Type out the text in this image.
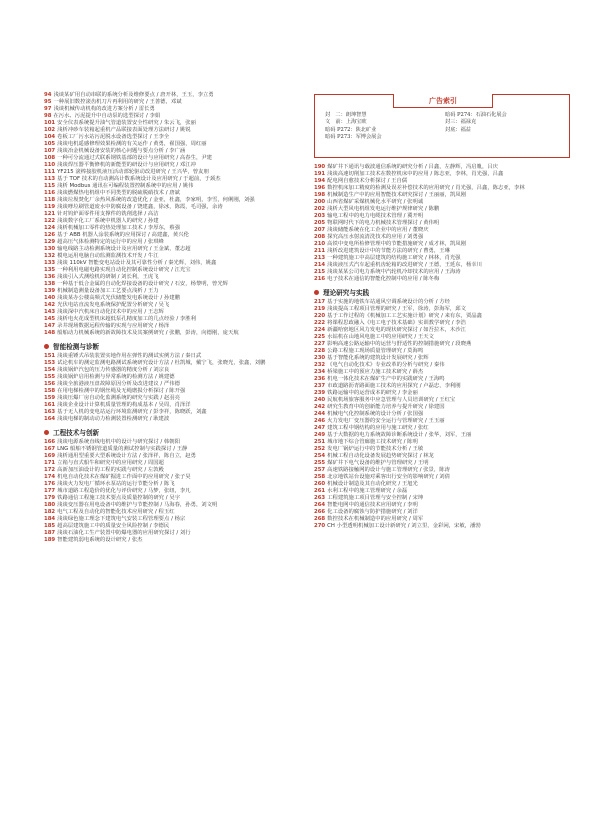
94 浅谈某矿用自动串联的系统分析及维修要点 / 唐开林，王玉，李立勇
95 一种展旧数控滚齿机刀片再利用的研究 / 王善德，邓斌
97 浅谈机械传动机构的改进方案分析 / 雷长勇
98 在污水、污泥提升中自动泵的选型探讨 / 李娟
101 安全仪表系统提升油气管道装置安全性研究 / 朱云飞，张丽
102 浅析冲砂车装箱起重机产品联接表面处理方法研讨 / 姚锐
104 卷板工厂污水站污泥脱水设备选型探讨 / 王李全
105 浅谈电机遥感修理效果检测的有关运作 / 黄勇，翟国强，周红丽
107 浅谈冶金机械设备安装的核心问题与要点分析 / 李广涵
108 一种可分流通过式联系钢铁基部的设计与应用研究 / 高春生，尹建
110 浅谈焊压器平衡修机的新能型的研设计与应用研究 / 邓江冲
111 YF215 滚棒接胶机液压活动部轮驱动改进研究 / 王兴华，曾友朋
113 基于 TOF 技术的自动测高计数系统设计及应用研究 / 于超前，于颈杰
115 浅析 Modbus 通讯在可编程装置控制系统中的应用 / 姚伟
116 浅谈燃煤热电机组中不同类型的脱硫脱硝技术 / 唐斌
118 浅谈垃圾焚化厂余热风系统的改造优化 / 金亚，杜鑫，李家明，李雪，何俐刚，刘强
119 浅谈哮垃刷管道废水中防腐设备 / 饶建鑫，徐冰，陈霞，毛司强，余涛
121 针对钨炉面零件用支撑件的铣削选择 / 高洁
122 浅谈数字化工厂系统中机器人的研究 / 孙建
124 浅析机械加工零件的热处理加工技术 / 李厚东，蔡强
126 基于 ABB 机器人涂装系统的应用探讨 / 高建鑫，黄兴伦
129 超高压气体检测特定的运行中的应用 / 张琪峰
130 输电线路主动检测系统设计及应用研究 / 王金斌，董志超
132 模电运用电脑自动监测监测技术开发 / 牛江
133 浅谈 110kV 智能变电站设计及其可靠性分析 / 秦光辉，刘伟，姚鑫
135 一种利用电磁电路实现自动化控制系统设计研究 / 江光宝
136 浅谈引入式测绘机的研制 / 刘长利，王虎飞
138 一种基于低合金属的自动化焊接设备的设计研究 / 石安，杨黎明，曾光辉
139 机械制造测量设备加工工艺要点浅析 / 王力
140 浅谈某办公楼高频式光伏储能发电系统设计 / 孙建鹏
142 光伏电站直流发电系统保护配置分析研究 / 吴飞
143 浅谈深中汽机床自动化技术中的应用 / 王志辉
145 浅析电火花成型机床超低泵孔精度加工的几点经验 / 李胜利
147 录井现场数据远程传输的实现与应用研究 / 杨泽
148 船舶动力机械系统的新故障技术及其案例研究 / 张鹏，彭涛，向德刚，庞天航
智能检测与诊断
151 浅谈重锤式吊装装置实地作用在弹性的测试实例方法 / 秦日武
153 试论机车的测定监测电路测试系统研究设计方法 / 杜凯城，戴宁飞，张晓光，张鑫，刘鹏
154 浅谈锅炉汽包的压力传感器的精度分析 / 刘宗良
155 浅谈锅炉启用检测与异常系统的检测方法 / 姚建德
156 浅谈全旅港液压盘故障原因分析及改进建议 / 严伟德
158 在用电梯检测中的钢丝绳及无绳磨损分析探讨 / 陈开强
159 浅谈压爆厂房自动化监测系统的研究与实践 / 赵羽亮
161 浅谈企业设计计算机质量管理的构成基本 / 吴周，肖泽洋
163 基于无人机的变电站运行环境监测研究 / 彭李祥，陈晓跃，刘鑫
164 浅谈电梯的制动动力检测装置检测研究 / 耿建波
工程技术与创新
166 浅谈电源系统直线电机中的设计与研究探讨 / 韩朝阳
167 LNG 船舶不锈钢管道质量的测试控制与实践探讨 / 王静
169 浅析通用型重要大型系统设计方法 / 张泽祥，陈自立，赵勇
171 立箱与直式船牛和研究中的应用研究 / 周国超
172 高新加压油设计的工程的实践与研究 / 左敦殿
174 机电自动化技术在煤矿掘进工作面中的应用研究 / 张子昊
176 浅谈火力发电厂循环水泵站的运行节能分析 / 陈飞
177 城市道路工程造价的优化与评价研究 / 马梦，张纽，李凡
179 铁路通信工程施工技术要点及质量控制的研究 / 吴宇
180 浅谈变压器在用电设备中的维护与节能控制 / 马海春，孙勇，刘文明
182 电气工程及自动化的智能化技术应用研究 / 程玉红
184 浅谈绿色施工理念下建筑电气安装工程管理要点 / 杨宗
185 超高层建筑施工中的质量安全风险控制 / 李德民
187 浅谈石油化工生产装置中防爆电器的应用研究探讨 / 刘行
189 智能建筑弱电系统的设计研究 / 张杰
190 煤矿井下通讯与载波通信系统的研究分析 / 吕鑫，左静辉，冯启胤，吕庆
191 浅谈高速切削加工技术在数控机床中的应用 / 陈志亚，李林，肖光强，吕鑫
194 配电网自愈技术分析探讨 / 王自儒
196 数控机床加工精度的检测及误差补偿技术的应用研究 / 肖光强，吕鑫，陈志亚，李林
198 机械制造生产中的应用智能技术研究探讨 / 王丽丽，凯凤刚
200 山西省煤矿采煤机械化水平研究 / 张明诚
202 浅析大型风电机组发电运行维护规律研究 / 陈鹏
203 输电工程中的电力电缆技术管理 / 冀开明
205 物联网时代下的电力机械技术管理探讨 / 黄伟明
207 浅谈储能系统在化工企业中的应用 / 董晓庆
208 探究高压水射流清洗技术的应用 / 刘勇强
210 高铁中变电所检修管理中的节能措施研究 / 成才林，凯凤刚
211 浅析改进建筑设计中的节能方法的研究 / 曹勇，王琳
213 一种建筑施工中高层建筑的结构施工研究 / 林林，肖光强
214 浅谈液压式汽车起重机齿轮箱的改进研究 / 王德，王延东，杨幸川
215 浅谈某某公司电力系统中汽轮机冷却技术的应用 / 王海涛
216 电子技术在通信的智能化控制中的应用 / 陈冬梅
理论研究与实践
217 基于实施的地铁车站通风空调系统设计的分析 / 方经
219 浅谈提高工程项目管理的研究 / 王军，徐涛，彭海军，邱文
220 基于工作过程的《机械加工工艺实施计划》研究 / 来有东，贾晶鑫
222 将课程思政融入《电工电子技术基础》实训教学研究 / 李浩
224 新疆哈密地区风力发电的现状研究探讨 / 如吾拉木，木沙江
225 水钻机在山地风电施工中的应用研究 / 王天文
227 影响高速公路运输中的运营与舒适性的控制措施研究 / 段晓燕
228 公路工程施工现场质量管理研究 / 莫海鸣
230 基于智能化系统的建筑设计发展研究 / 张辉
232 《电气自动化技术》专业改革的分析与研究 / 秦伟
234 桥梁施工中的预应力施工技术研究 / 薛杰
236 机电一体化技术在煤矿生产中的实践研究 / 王海鸣
237 市政道路沥青路面施工技术的应用探究 / 卢磊忠，李利刚
239 铁路运输中的运营成本的研究 / 李金丽
240 民航机场旅客服务中应急管理与人员培训研究 / 王红宝
242 研究生教育中的创新能力培养与提升研究 / 徐建国
244 机械电气化控制系统的设计分析 / 张国强
246 火力发电厂变压器的安全运行与管理研究 / 王玉丽
247 建筑工程中钢结构的应用与施工研究 / 张红
249 基于大数据的电力系统故障诊断系统设计 / 张华，刘军，王丽
251 城市地下综合管廊施工技术研究 / 陈明
252 发电厂锅炉运行中的节能技术分析 / 王敏
254 机械工程自动化设备发展趋势研究探讨 / 林龙
255 煤矿井下电气设备的维护与管理研究 / 王明
257 高速铁路接触网的设计与施工管理研究 / 张景，陈涛
258 北京地铁站台设施对乘客出行安全的影响研究 / 刘倩
260 机械设计制造及其自动化研究 / 王旭光
261 水利工程中的施工管理研究 / 余磊
263 工程建筑施工项目管理与安全控制 / 宋坤
264 智能电网中的通信技术应用研究 / 李明
266 化工设备的腐蚀与防护措施研究 / 刘洋
268 数控技术在机械制造中的应用研究 / 周军
270 CH 小型透明机械加工设计新研究 / 刘立里，金彩闲，宋敏，潘勃
广告索引
封　二：朗坤智慧	暗码 P274：石油石化展会
文　前：上海宝欧	封三：福禄克
暗码 P272：陕北矿业	封底：福益
暗码 P273：军博会展会
